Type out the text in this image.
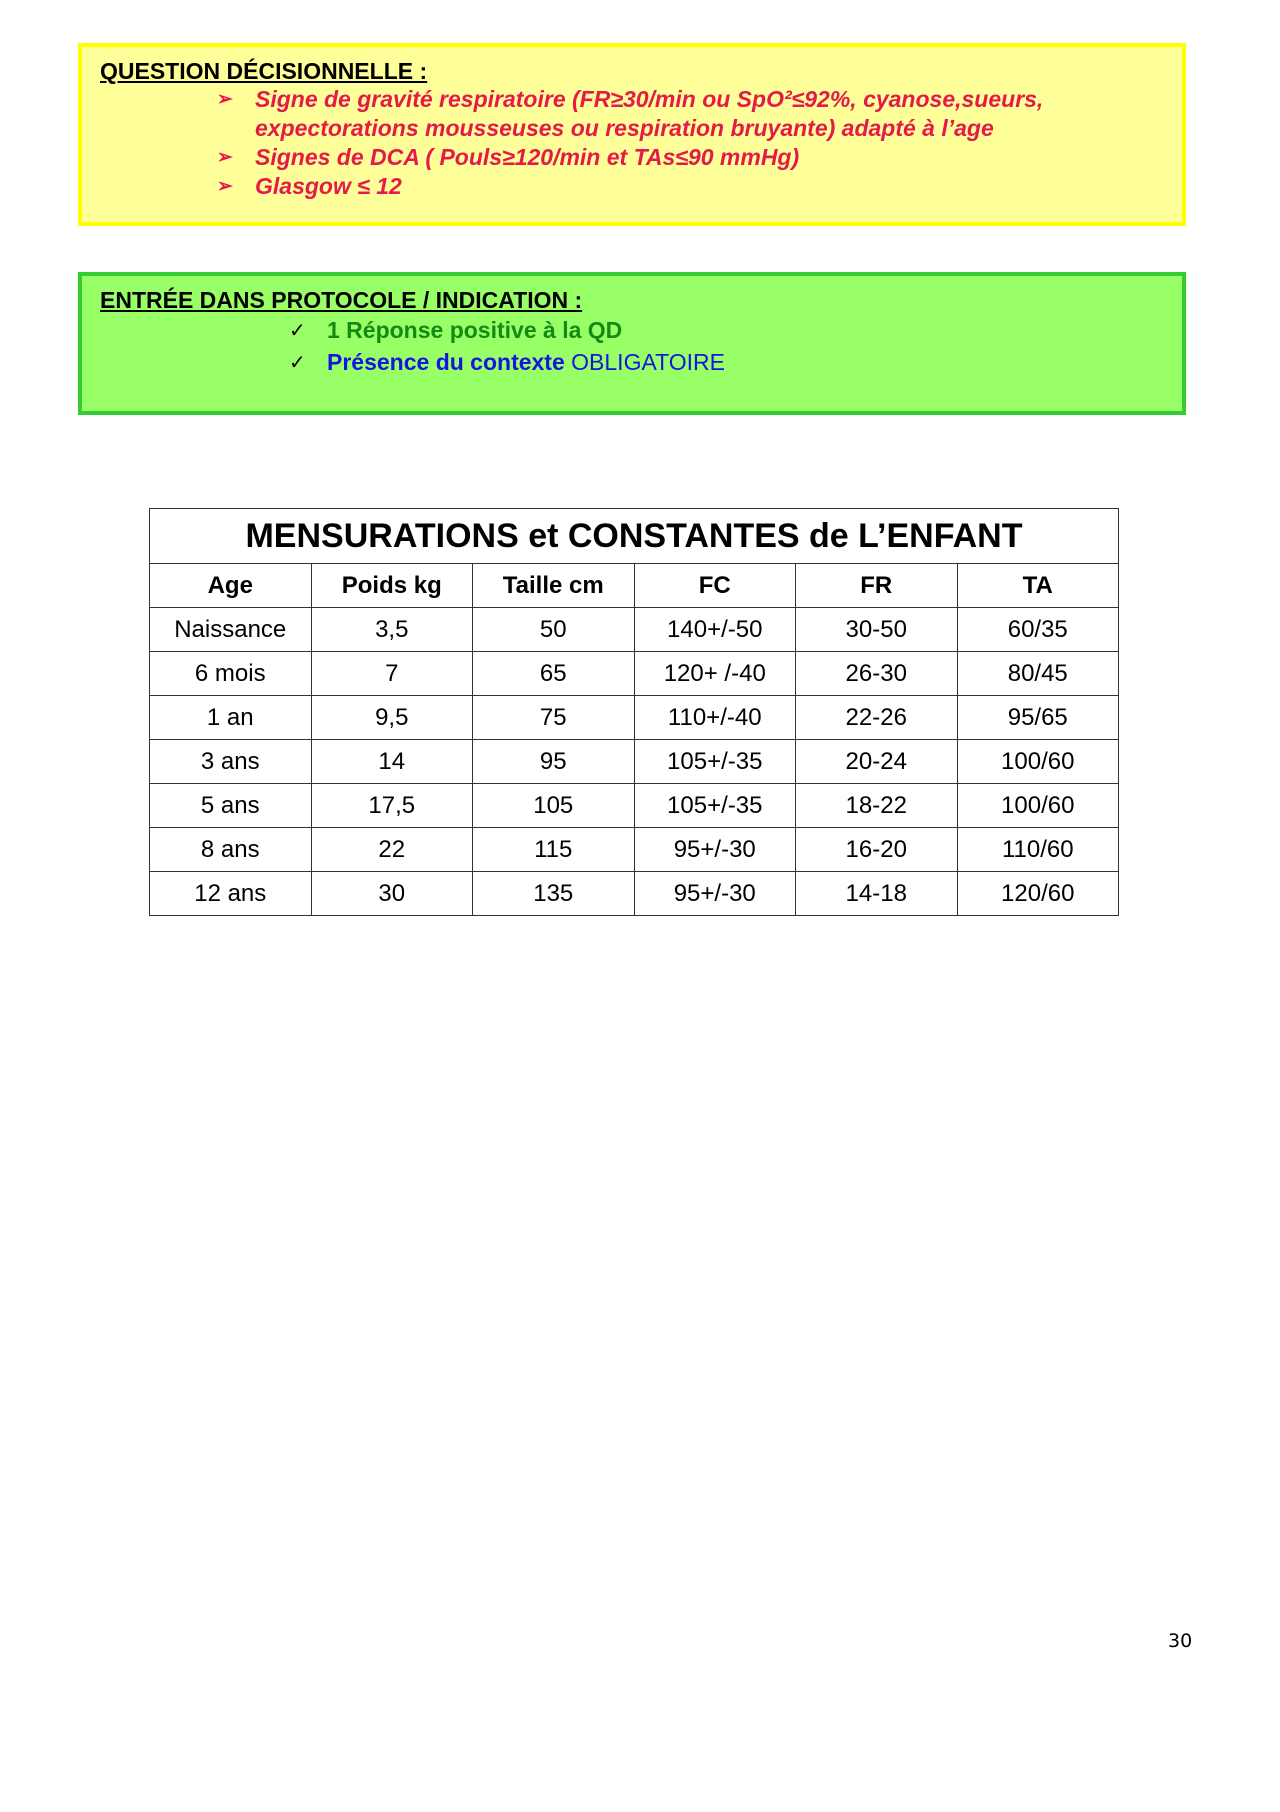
QUESTION DÉCISIONNELLE :
➢ Signe de gravité respiratoire (FR≥30/min ou SpO²≤92%, cyanose,sueurs, expectorations mousseuses ou respiration bruyante) adapté à l’age
➢ Signes de DCA ( Pouls≥120/min et TAs≤90 mmHg)
➢ Glasgow ≤ 12
ENTRÉE DANS PROTOCOLE / INDICATION :
✓ 1 Réponse positive à la QD
✓ Présence du contexte OBLIGATOIRE
MENSURATIONS et CONSTANTES de L’ENFANT					
Age	Poids kg	Taille cm	FC	FR	TA
Naissance	3,5	50	140+/-50	30-50	60/35
6 mois	7	65	120+ /-40	26-30	80/45
1 an	9,5	75	110+/-40	22-26	95/65
3 ans	14	95	105+/-35	20-24	100/60
5 ans	17,5	105	105+/-35	18-22	100/60
8 ans	22	115	95+/-30	16-20	110/60
12 ans	30	135	95+/-30	14-18	120/60
30
